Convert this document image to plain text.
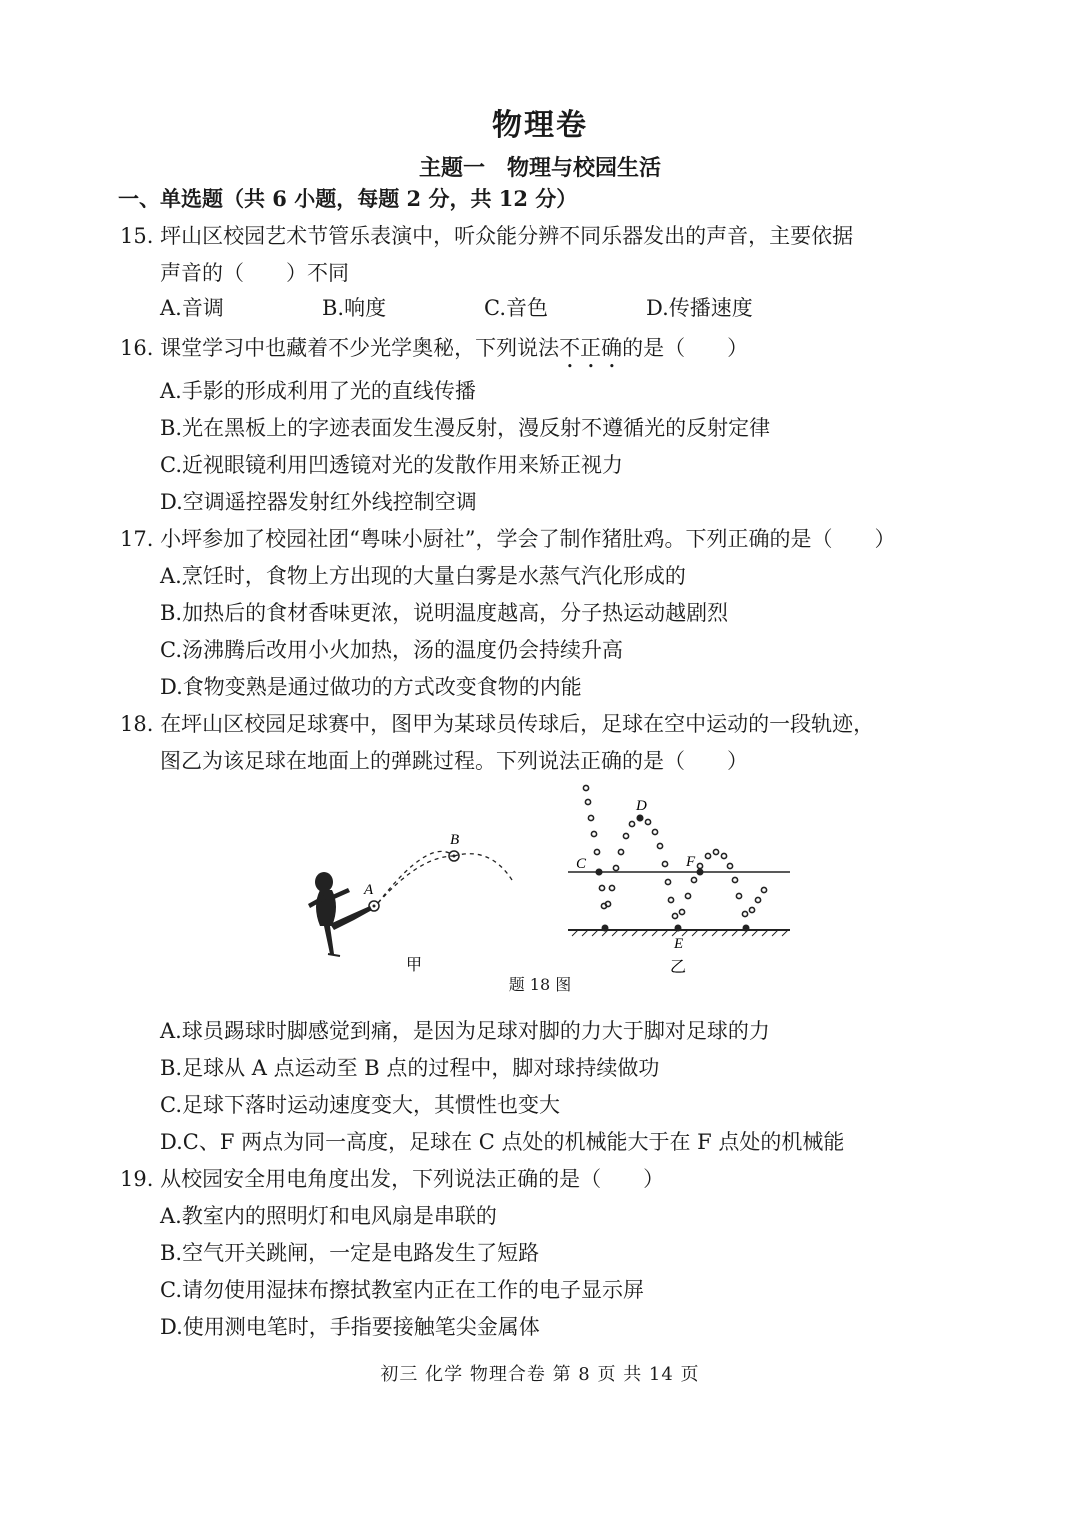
物理卷
主题一 物理与校园生活
一、单选题（共 6 小题，每题 2 分，共 12 分）
15. 坪山区校园艺术节管乐表演中，听众能分辨不同乐器发出的声音，主要依据
声音的（　　）不同
A.音调	B.响度	C.音色	D.传播速度
16. 课堂学习中也藏着不少光学奥秘，下列说法不正确的是（　　）
A.手影的形成利用了光的直线传播
B.光在黑板上的字迹表面发生漫反射，漫反射不遵循光的反射定律
C.近视眼镜利用凹透镜对光的发散作用来矫正视力
D.空调遥控器发射红外线控制空调
17. 小坪参加了校园社团“粤味小厨社”，学会了制作猪肚鸡。下列正确的是（　　）
A.烹饪时，食物上方出现的大量白雾是水蒸气汽化形成的
B.加热后的食材香味更浓，说明温度越高，分子热运动越剧烈
C.汤沸腾后改用小火加热，汤的温度仍会持续升高
D.食物变熟是通过做功的方式改变食物的内能
18. 在坪山区校园足球赛中，图甲为某球员传球后，足球在空中运动的一段轨迹，
图乙为该足球在地面上的弹跳过程。下列说法正确的是（　　）
A
B
甲
C
D
E
F
乙
题 18 图
A.球员踢球时脚感觉到痛，是因为足球对脚的力大于脚对足球的力
B.足球从 A 点运动至 B 点的过程中，脚对球持续做功
C.足球下落时运动速度变大，其惯性也变大
D.C、F 两点为同一高度，足球在 C 点处的机械能大于在 F 点处的机械能
19. 从校园安全用电角度出发，下列说法正确的是（　　）
A.教室内的照明灯和电风扇是串联的
B.空气开关跳闸，一定是电路发生了短路
C.请勿使用湿抹布擦拭教室内正在工作的电子显示屏
D.使用测电笔时，手指要接触笔尖金属体
初三 化学 物理合卷 第 8 页 共 14 页
